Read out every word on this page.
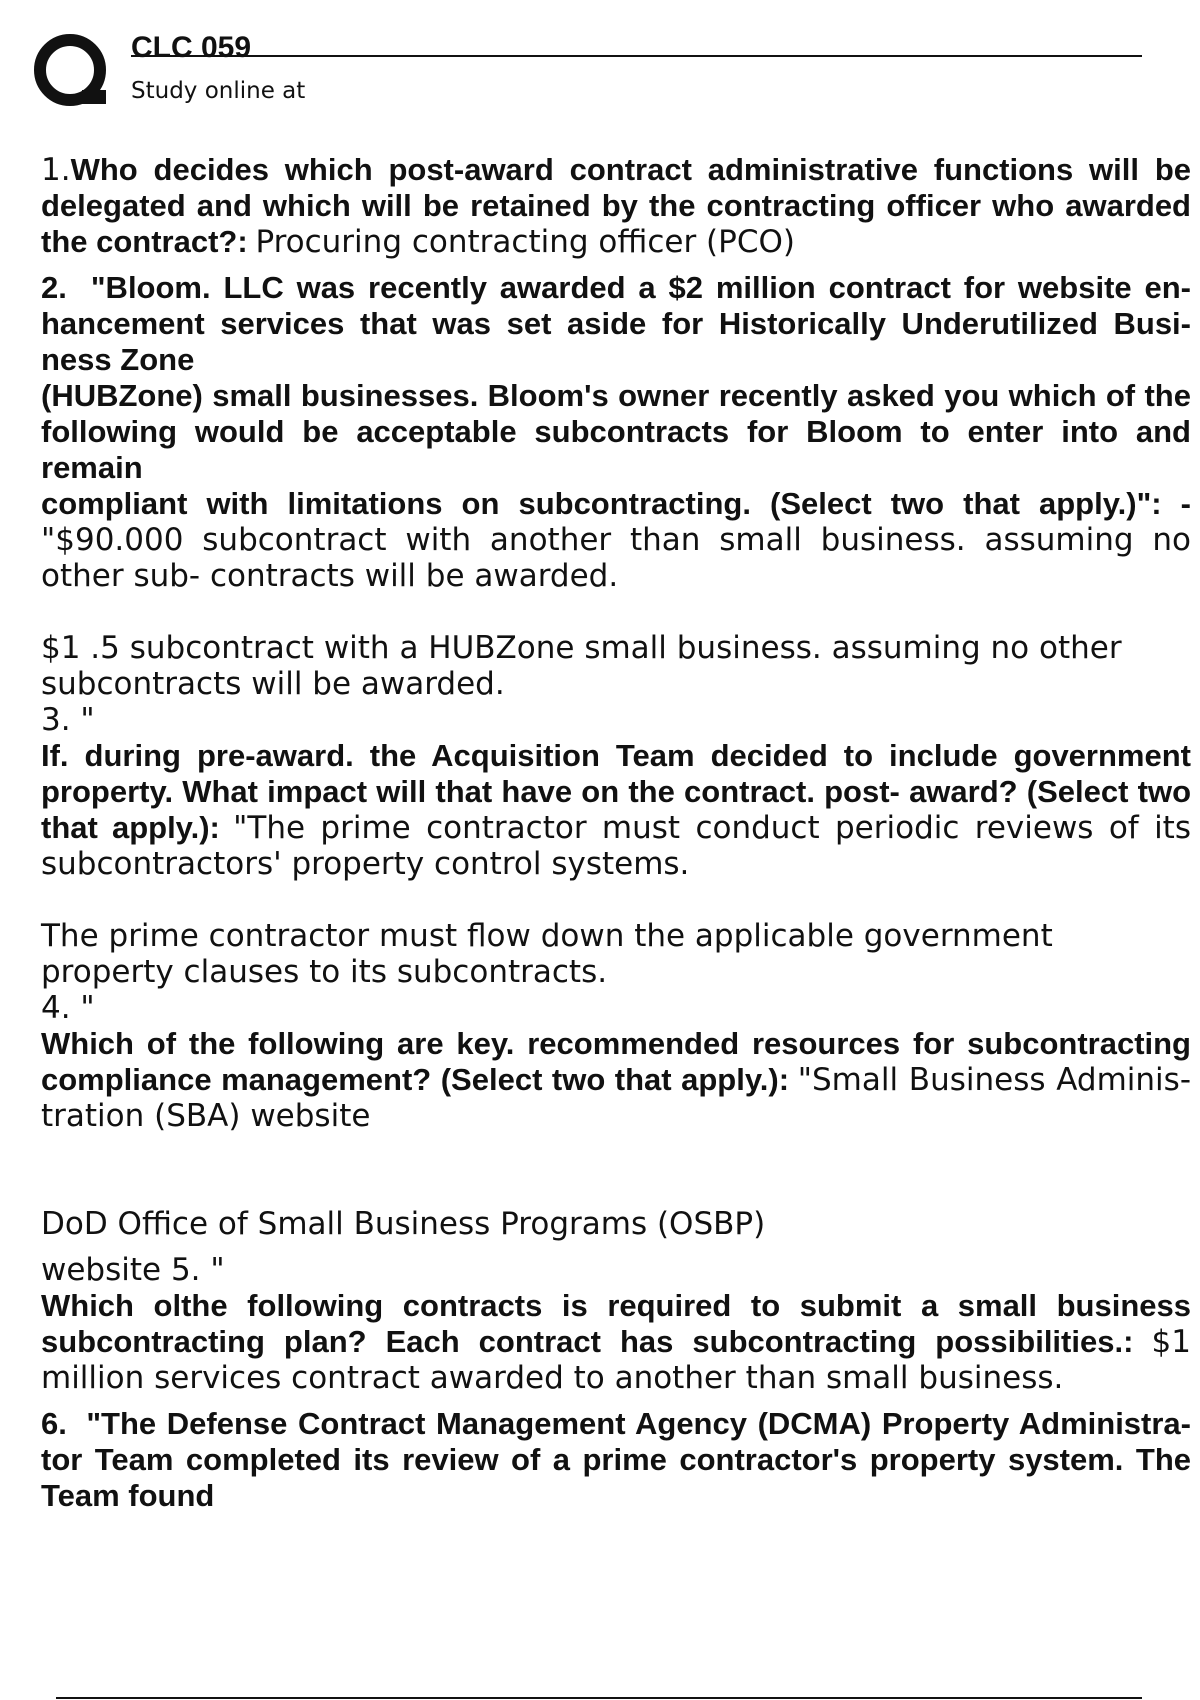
CLC 059
Study online at
1.Who decides which post-award contract administrative functions will be delegated and which will be retained by the contracting officer who awarded the contract?: Procuring contracting officer (PCO)
2. "Bloom. LLC was recently awarded a $2 million contract for website en- hancement services that was set aside for Historically Underutilized Busi- ness Zone
(HUBZone) small businesses. Bloom's owner recently asked you which of the following would be acceptable subcontracts for Bloom to enter into and remain
compliant with limitations on subcontracting. (Select two that apply.)": - "$90.000 subcontract with another than small business. assuming no other sub- contracts will be awarded.
$1 .5 subcontract with a HUBZone small business. assuming no other subcontracts will be awarded.
3. "
If. during pre-award. the Acquisition Team decided to include government property. What impact will that have on the contract. post- award? (Select two that apply.): "The prime contractor must conduct periodic reviews of its subcontractors' property control systems.
The prime contractor must flow down the applicable government property clauses to its subcontracts.
4. "
Which of the following are key. recommended resources for subcontracting compliance management? (Select two that apply.): "Small Business Adminis- tration (SBA) website
DoD Office of Small Business Programs (OSBP)
website 5. "
Which olthe following contracts is required to submit a small business subcontracting plan? Each contract has subcontracting possibilities.: $1 million services contract awarded to another than small business.
6. "The Defense Contract Management Agency (DCMA) Property Administra- tor Team completed its review of a prime contractor's property system. The Team found
